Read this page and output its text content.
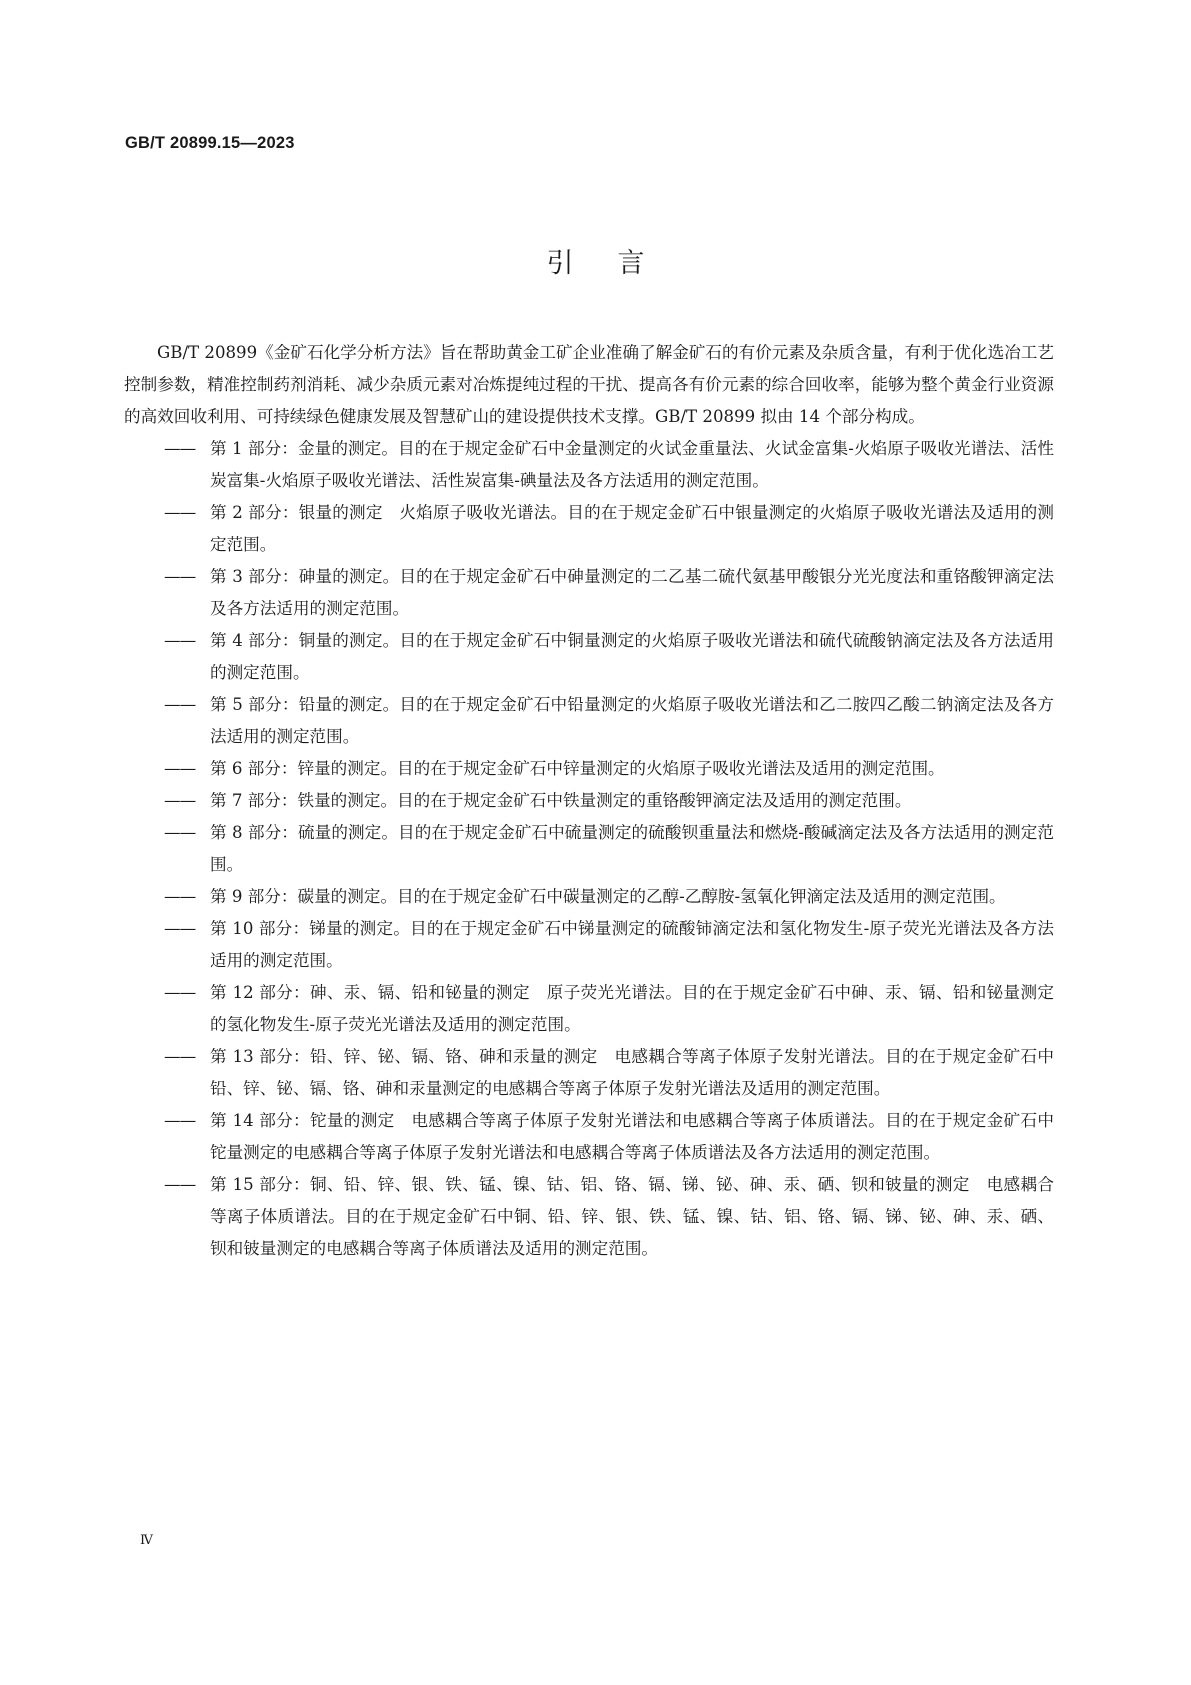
GB/T 20899.15—2023
引言

GB/T 20899《金矿石化学分析方法》旨在帮助黄金工矿企业准确了解金矿石的有价元素及杂质含量，有利于优化选冶工艺控制参数，精准控制药剂消耗、减少杂质元素对冶炼提纯过程的干扰、提高各有价元素的综合回收率，能够为整个黄金行业资源的高效回收利用、可持续绿色健康发展及智慧矿山的建设提供技术支撑。GB/T 20899 拟由 14 个部分构成。

—— 第 1 部分：金量的测定。目的在于规定金矿石中金量测定的火试金重量法、火试金富集-火焰原子吸收光谱法、活性炭富集-火焰原子吸收光谱法、活性炭富集-碘量法及各方法适用的测定范围。
—— 第 2 部分：银量的测定　火焰原子吸收光谱法。目的在于规定金矿石中银量测定的火焰原子吸收光谱法及适用的测定范围。
—— 第 3 部分：砷量的测定。目的在于规定金矿石中砷量测定的二乙基二硫代氨基甲酸银分光光度法和重铬酸钾滴定法及各方法适用的测定范围。
—— 第 4 部分：铜量的测定。目的在于规定金矿石中铜量测定的火焰原子吸收光谱法和硫代硫酸钠滴定法及各方法适用的测定范围。
—— 第 5 部分：铅量的测定。目的在于规定金矿石中铅量测定的火焰原子吸收光谱法和乙二胺四乙酸二钠滴定法及各方法适用的测定范围。
—— 第 6 部分：锌量的测定。目的在于规定金矿石中锌量测定的火焰原子吸收光谱法及适用的测定范围。
—— 第 7 部分：铁量的测定。目的在于规定金矿石中铁量测定的重铬酸钾滴定法及适用的测定范围。
—— 第 8 部分：硫量的测定。目的在于规定金矿石中硫量测定的硫酸钡重量法和燃烧-酸碱滴定法及各方法适用的测定范围。
—— 第 9 部分：碳量的测定。目的在于规定金矿石中碳量测定的乙醇-乙醇胺-氢氧化钾滴定法及适用的测定范围。
—— 第 10 部分：锑量的测定。目的在于规定金矿石中锑量测定的硫酸铈滴定法和氢化物发生-原子荧光光谱法及各方法适用的测定范围。
—— 第 12 部分：砷、汞、镉、铅和铋量的测定　原子荧光光谱法。目的在于规定金矿石中砷、汞、镉、铅和铋量测定的氢化物发生-原子荧光光谱法及适用的测定范围。
—— 第 13 部分：铅、锌、铋、镉、铬、砷和汞量的测定　电感耦合等离子体原子发射光谱法。目的在于规定金矿石中铅、锌、铋、镉、铬、砷和汞量测定的电感耦合等离子体原子发射光谱法及适用的测定范围。
—— 第 14 部分：铊量的测定　电感耦合等离子体原子发射光谱法和电感耦合等离子体质谱法。目的在于规定金矿石中铊量测定的电感耦合等离子体原子发射光谱法和电感耦合等离子体质谱法及各方法适用的测定范围。
—— 第 15 部分：铜、铅、锌、银、铁、锰、镍、钴、铝、铬、镉、锑、铋、砷、汞、硒、钡和铍量的测定　电感耦合等离子体质谱法。目的在于规定金矿石中铜、铅、锌、银、铁、锰、镍、钴、铝、铬、镉、锑、铋、砷、汞、硒、钡和铍量测定的电感耦合等离子体质谱法及适用的测定范围。
Ⅳ
